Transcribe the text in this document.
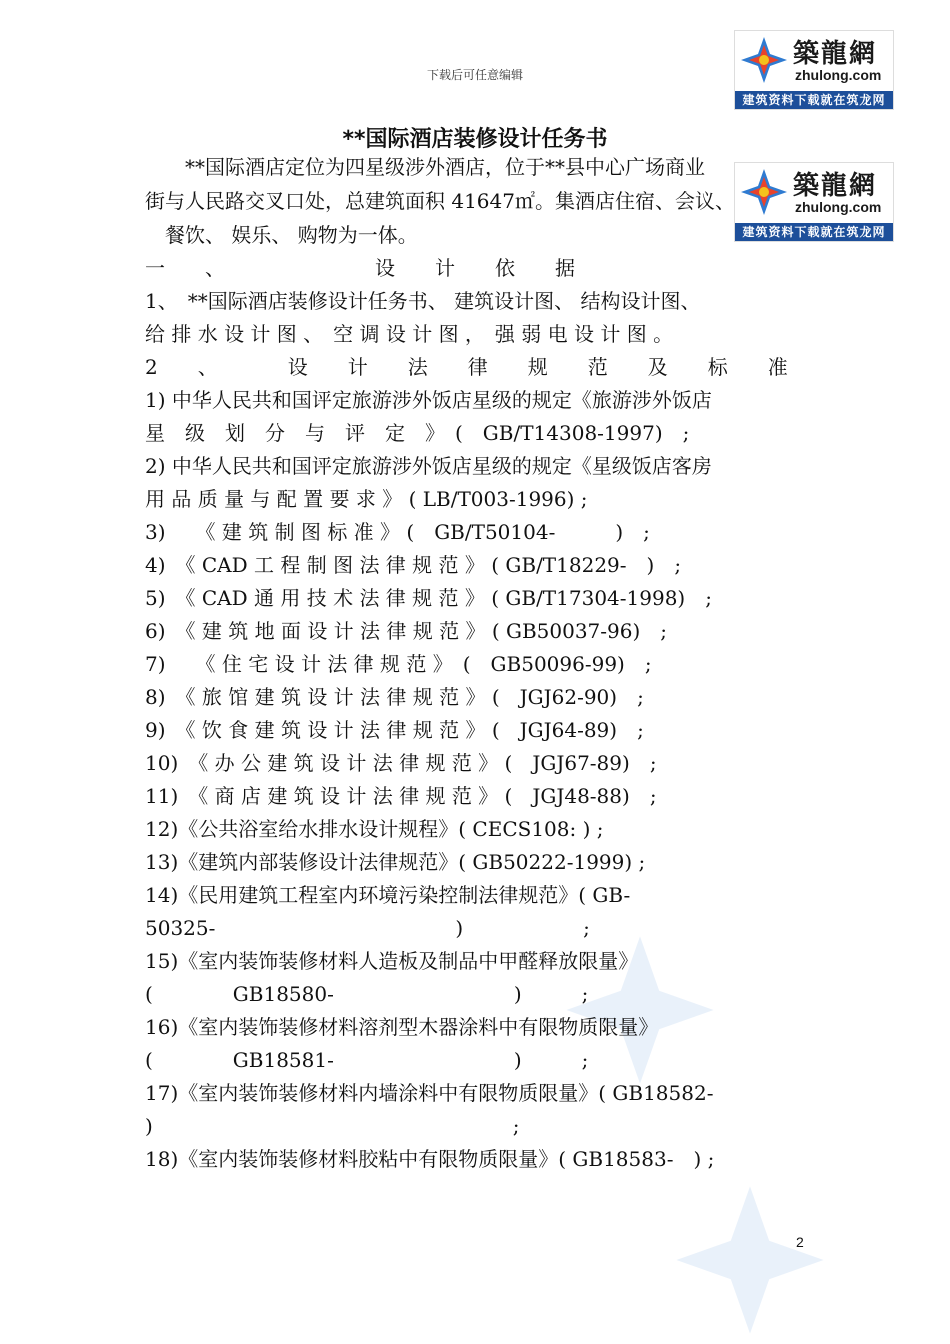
下载后可任意编辑
築龍網
zhulong.com
建筑资料下载就在筑龙网
築龍網
zhulong.com
建筑资料下载就在筑龙网
**国际酒店装修设计任务书
　　**国际酒店定位为四星级涉外酒店，位于**县中心广场商业
街与人民路交叉口处，总建筑面积 41647㎡。集酒店住宿、会议、
　餐饮、 娱乐、 购物为一体。
一　　、　　　　　　　　设　　计　　依　　据
1、　**国际酒店装修设计任务书、 建筑设计图、 结构设计图、
给 排 水 设 计 图 、　空 调 设 计 图 ，　强 弱 电 设 计 图 。
2　　、　　　　设　　计　　法　　律　　规　　范　　及　　标　　准
1) 中华人民共和国评定旅游涉外饭店星级的规定《旅游涉外饭店
星　级　划　分　与　评　定　》　(　GB/T14308-1997)　;
2) 中华人民共和国评定旅游涉外饭店星级的规定《星级饭店客房
用 品 质 量 与 配 置 要 求 》 ( LB/T003-1996) ;
3)　　《 建 筑 制 图 标 准 》 (　GB/T50104-　　　)　;
4)　《 CAD 工 程 制 图 法 律 规 范 》 ( GB/T18229-　)　;
5)　《 CAD 通 用 技 术 法 律 规 范 》 ( GB/T17304-1998)　;
6)　《 建 筑 地 面 设 计 法 律 规 范 》 ( GB50037-96)　;
7)　　《 住 宅 设 计 法 律 规 范 》　(　GB50096-99)　;
8)　《 旅 馆 建 筑 设 计 法 律 规 范 》 (　JGJ62-90)　;
9)　《 饮 食 建 筑 设 计 法 律 规 范 》 (　JGJ64-89)　;
10)　《 办 公 建 筑 设 计 法 律 规 范 》 (　JGJ67-89)　;
11)　《 商 店 建 筑 设 计 法 律 规 范 》 (　JGJ48-88)　;
12)《公共浴室给水排水设计规程》( CECS108: ) ;
13)《建筑内部装修设计法律规范》( GB50222-1999) ;
14)《民用建筑工程室内环境污染控制法律规范》( GB-
50325-　　　　　　　　　　　　)　　　　　　;
15)《室内装饰装修材料人造板及制品中甲醛释放限量》
(　　　　GB18580-　　　　　　　　　)　　　;
16)《室内装饰装修材料溶剂型木器涂料中有限物质限量》
(　　　　GB18581-　　　　　　　　　)　　　;
17)《室内装饰装修材料内墙涂料中有限物质限量》( GB18582-
)　　　　　　　　　　　　　　　　　　;
18)《室内装饰装修材料胶粘中有限物质限量》( GB18583-　) ;
2
